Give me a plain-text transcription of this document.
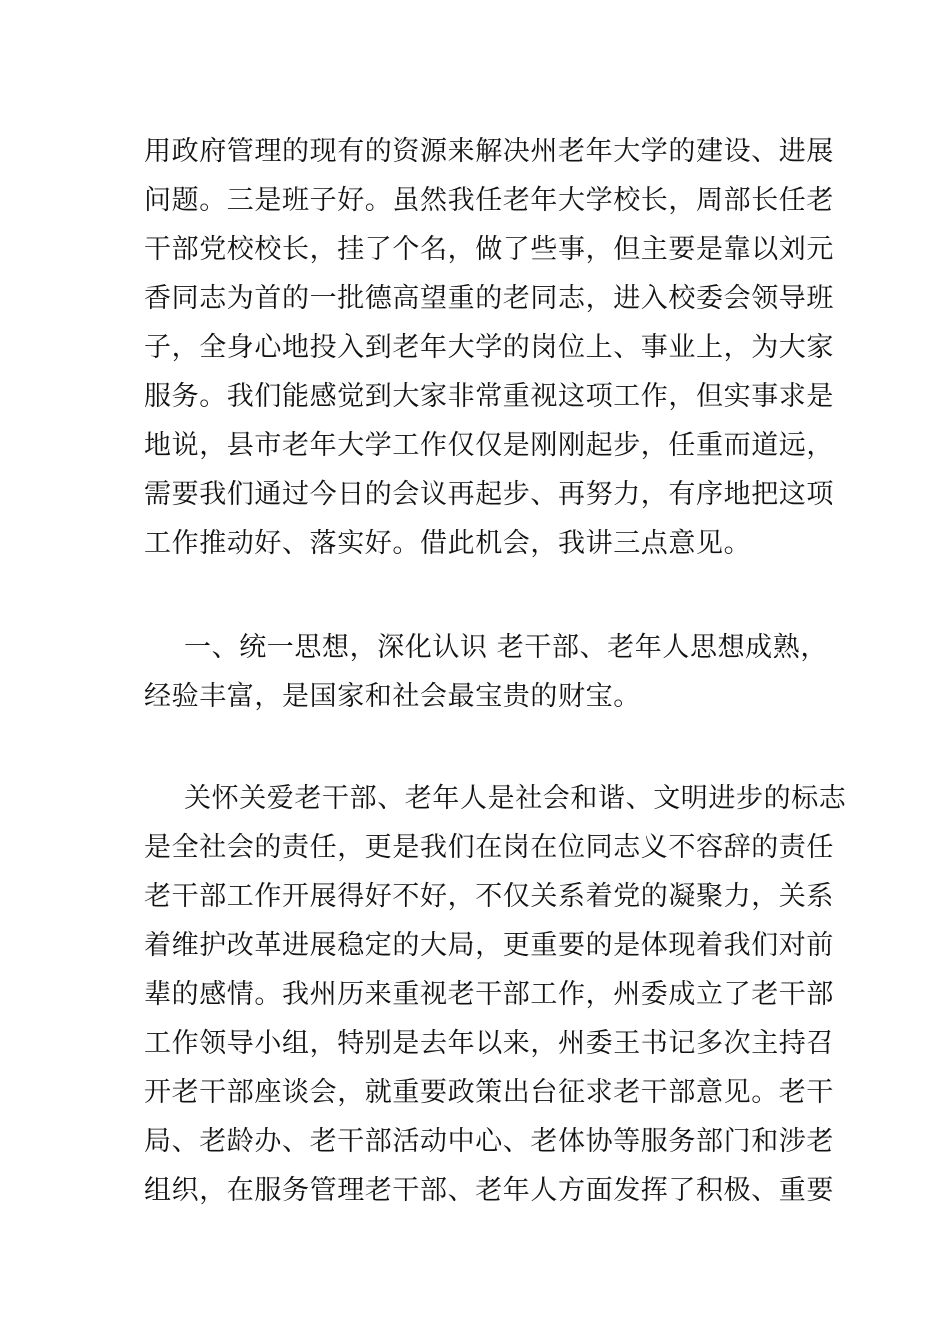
用政府管理的现有的资源来解决州老年大学的建设、进展
问题。三是班子好。虽然我任老年大学校长，周部长任老
干部党校校长，挂了个名，做了些事，但主要是靠以刘元
香同志为首的一批德高望重的老同志，进入校委会领导班
子，全身心地投入到老年大学的岗位上、事业上，为大家
服务。我们能感觉到大家非常重视这项工作，但实事求是
地说，县市老年大学工作仅仅是刚刚起步，任重而道远，
需要我们通过今日的会议再起步、再努力，有序地把这项
工作推动好、落实好。借此机会，我讲三点意见。
一、统一思想，深化认识 老干部、老年人思想成熟，
经验丰富，是国家和社会最宝贵的财宝。
关怀关爱老干部、老年人是社会和谐、文明进步的标志
是全社会的责任，更是我们在岗在位同志义不容辞的责任
老干部工作开展得好不好，不仅关系着党的凝聚力，关系
着维护改革进展稳定的大局，更重要的是体现着我们对前
辈的感情。我州历来重视老干部工作，州委成立了老干部
工作领导小组，特别是去年以来，州委王书记多次主持召
开老干部座谈会，就重要政策出台征求老干部意见。老干
局、老龄办、老干部活动中心、老体协等服务部门和涉老
组织，在服务管理老干部、老年人方面发挥了积极、重要
